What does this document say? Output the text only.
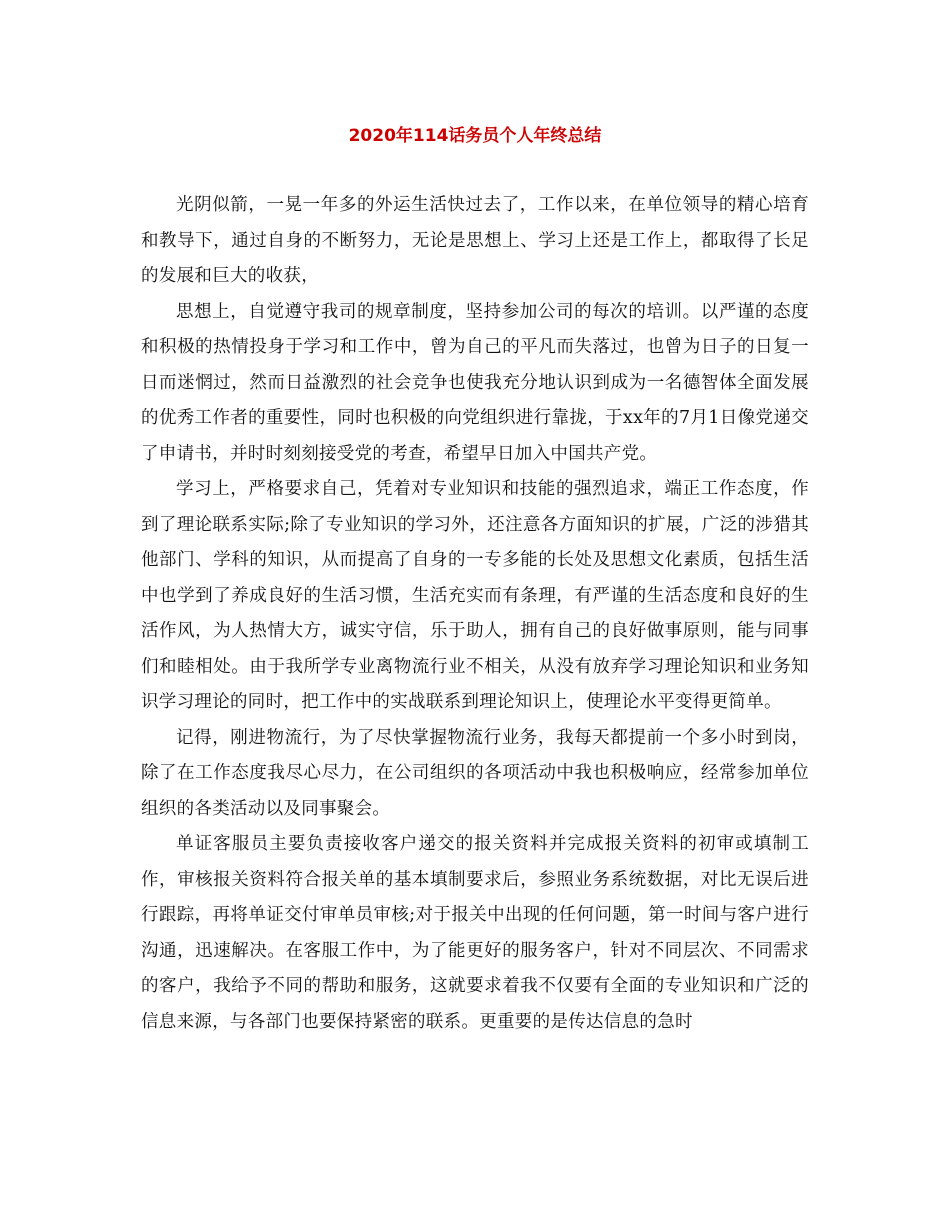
2020年114话务员个人年终总结

光阴似箭，一晃一年多的外运生活快过去了，工作以来，在单位领导的精心培育和教导下，通过自身的不断努力，无论是思想上、学习上还是工作上，都取得了长足的发展和巨大的收获，

思想上，自觉遵守我司的规章制度，坚持参加公司的每次的培训。以严谨的态度和积极的热情投身于学习和工作中，曾为自己的平凡而失落过，也曾为日子的日复一日而迷惘过，然而日益激烈的社会竞争也使我充分地认识到成为一名德智体全面发展的优秀工作者的重要性，同时也积极的向党组织进行靠拢，于xx年的7月1日像党递交了申请书，并时时刻刻接受党的考查，希望早日加入中国共产党。

学习上，严格要求自己，凭着对专业知识和技能的强烈追求，端正工作态度，作到了理论联系实际;除了专业知识的学习外，还注意各方面知识的扩展，广泛的涉猎其他部门、学科的知识，从而提高了自身的一专多能的长处及思想文化素质，包括生活中也学到了养成良好的生活习惯，生活充实而有条理，有严谨的生活态度和良好的生活作风，为人热情大方，诚实守信，乐于助人，拥有自己的良好做事原则，能与同事们和睦相处。由于我所学专业离物流行业不相关，从没有放弃学习理论知识和业务知识学习理论的同时，把工作中的实战联系到理论知识上，使理论水平变得更简单。

记得，刚进物流行，为了尽快掌握物流行业务，我每天都提前一个多小时到岗，除了在工作态度我尽心尽力，在公司组织的各项活动中我也积极响应，经常参加单位组织的各类活动以及同事聚会。

单证客服员主要负责接收客户递交的报关资料并完成报关资料的初审或填制工作，审核报关资料符合报关单的基本填制要求后，参照业务系统数据，对比无误后进行跟踪，再将单证交付审单员审核;对于报关中出现的任何问题，第一时间与客户进行沟通，迅速解决。在客服工作中，为了能更好的服务客户，针对不同层次、不同需求的客户，我给予不同的帮助和服务，这就要求着我不仅要有全面的专业知识和广泛的信息来源，与各部门也要保持紧密的联系。更重要的是传达信息的急时
